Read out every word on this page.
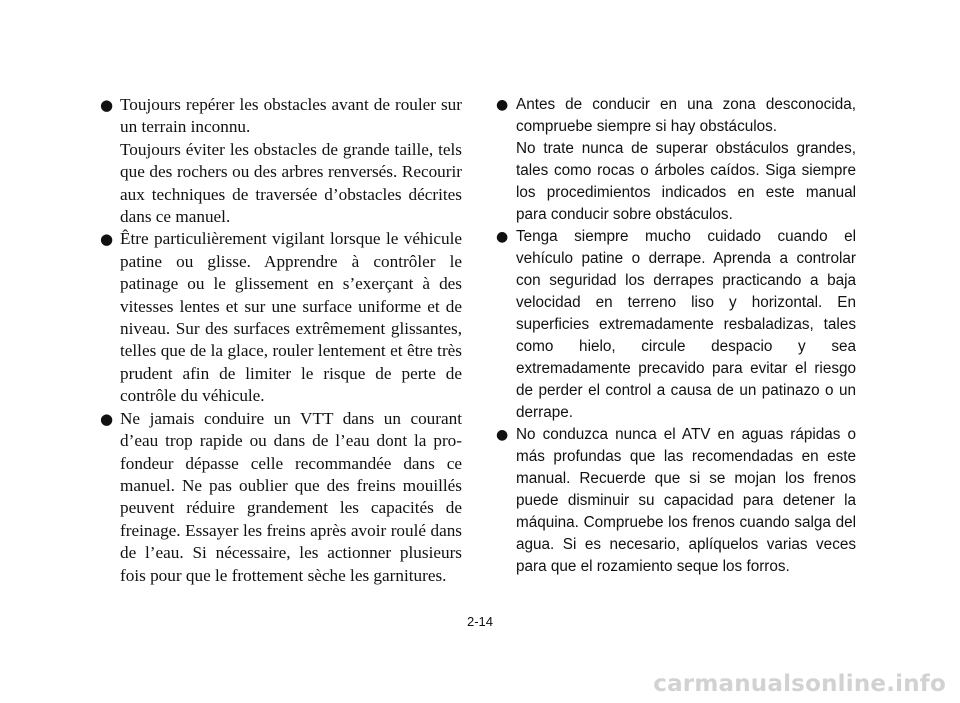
● Toujours repérer les obstacles avant de rouler sur un terrain inconnu.

Toujours éviter les obstacles de grande taille, tels que des rochers ou des arbres renversés. Recourir aux techniques de traversée d’obstacles décrites dans ce manuel.

● Être particulièrement vigilant lorsque le véhicule patine ou glisse. Apprendre à contrôler le patinage ou le glissement en s’exerçant à des vitesses lentes et sur une surface uniforme et de niveau. Sur des surfaces extrêmement glissantes, telles que de la glace, rouler lentement et être très prudent afin de limiter le risque de perte de contrôle du véhicule.

● Ne jamais conduire un VTT dans un courant d’eau trop rapide ou dans de l’eau dont la profondeur dépasse celle recommandée dans ce manuel. Ne pas oublier que des freins mouillés peuvent réduire grandement les capacités de freinage. Essayer les freins après avoir roulé dans de l’eau. Si nécessaire, les actionner plusieurs fois pour que le frottement sèche les garnitures.

● Antes de conducir en una zona desconocida, compruebe siempre si hay obstáculos.

No trate nunca de superar obstáculos grandes, tales como rocas o árboles caídos. Siga siempre los procedimientos indicados en este manual para conducir sobre obstáculos.

● Tenga siempre mucho cuidado cuando el vehículo patine o derrape. Aprenda a controlar con seguridad los derrapes practicando a baja velocidad en terreno liso y horizontal. En superficies extremadamente resbaladizas, tales como hielo, circule despacio y sea extremadamente precavido para evitar el riesgo de perder el control a causa de un patinazo o un derrape.

● No conduzca nunca el ATV en aguas rápidas o más profundas que las recomendadas en este manual. Recuerde que si se mojan los frenos puede disminuir su capacidad para detener la máquina. Compruebe los frenos cuando salga del agua. Si es necesario, aplíquelos varias veces para que el rozamiento seque los forros.

2-14
carmanualsonline.info
